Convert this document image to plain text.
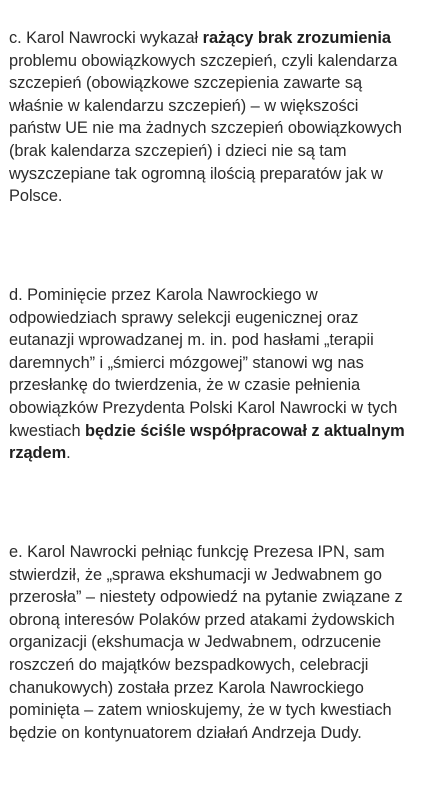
c. Karol Nawrocki wykazał rażący brak zrozumienia
problemu obowiązkowych szczepień, czyli kalendarza
szczepień (obowiązkowe szczepienia zawarte są
właśnie w kalendarzu szczepień) – w większości
państw UE nie ma żadnych szczepień obowiązkowych
(brak kalendarza szczepień) i dzieci nie są tam
wyszczepiane tak ogromną ilością preparatów jak w
Polsce.

d. Pominięcie przez Karola Nawrockiego w
odpowiedziach sprawy selekcji eugenicznej oraz
eutanazji wprowadzanej m. in. pod hasłami „terapii
daremnych” i „śmierci mózgowej” stanowi wg nas
przesłankę do twierdzenia, że w czasie pełnienia
obowiązków Prezydenta Polski Karol Nawrocki w tych
kwestiach będzie ściśle współpracował z aktualnym
rządem.

e. Karol Nawrocki pełniąc funkcję Prezesa IPN, sam
stwierdził, że „sprawa ekshumacji w Jedwabnem go
przerosła” – niestety odpowiedź na pytanie związane z
obroną interesów Polaków przed atakami żydowskich
organizacji (ekshumacja w Jedwabnem, odrzucenie
roszczeń do majątków bezspadkowych, celebracji
chanukowych) została przez Karola Nawrockiego
pominięta – zatem wnioskujemy, że w tych kwestiach
będzie on kontynuatorem działań Andrzeja Dudy.
